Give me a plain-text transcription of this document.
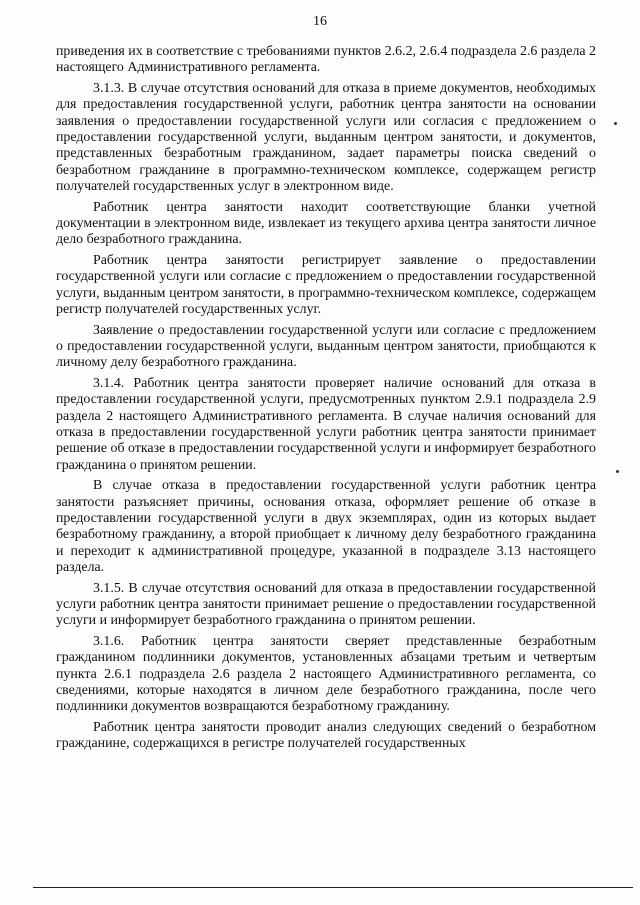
16

приведения их в соответствие с требованиями пунктов 2.6.2, 2.6.4 подраздела 2.6 раздела 2 настоящего Административного регламента.

3.1.3. В случае отсутствия оснований для отказа в приеме документов, необходимых для предоставления государственной услуги, работник центра занятости на основании заявления о предоставлении государственной услуги или согласия с предложением о предоставлении государственной услуги, выданным центром занятости, и документов, представленных безработным гражданином, задает параметры поиска сведений о безработном гражданине в программно-техническом комплексе, содержащем регистр получателей государственных услуг в электронном виде.

Работник центра занятости находит соответствующие бланки учетной документации в электронном виде, извлекает из текущего архива центра занятости личное дело безработного гражданина.

Работник центра занятости регистрирует заявление о предоставлении государственной услуги или согласие с предложением о предоставлении государственной услуги, выданным центром занятости, в программно-техническом комплексе, содержащем регистр получателей государственных услуг.

Заявление о предоставлении государственной услуги или согласие с предложением о предоставлении государственной услуги, выданным центром занятости, приобщаются к личному делу безработного гражданина.

3.1.4. Работник центра занятости проверяет наличие оснований для отказа в предоставлении государственной услуги, предусмотренных пунктом 2.9.1 подраздела 2.9 раздела 2 настоящего Административного регламента. В случае наличия оснований для отказа в предоставлении государственной услуги работник центра занятости принимает решение об отказе в предоставлении государственной услуги и информирует безработного гражданина о принятом решении.

В случае отказа в предоставлении государственной услуги работник центра занятости разъясняет причины, основания отказа, оформляет решение об отказе в предоставлении государственной услуги в двух экземплярах, один из которых выдает безработному гражданину, а второй приобщает к личному делу безработного гражданина и переходит к административной процедуре, указанной в подразделе 3.13 настоящего раздела.

3.1.5. В случае отсутствия оснований для отказа в предоставлении государственной услуги работник центра занятости принимает решение о предоставлении государственной услуги и информирует безработного гражданина о принятом решении.

3.1.6. Работник центра занятости сверяет представленные безработным гражданином подлинники документов, установленных абзацами третьим и четвертым пункта 2.6.1 подраздела 2.6 раздела 2 настоящего Административного регламента, со сведениями, которые находятся в личном деле безработного гражданина, после чего подлинники документов возвращаются безработному гражданину.

Работник центра занятости проводит анализ следующих сведений о безработном гражданине, содержащихся в регистре получателей государственных
